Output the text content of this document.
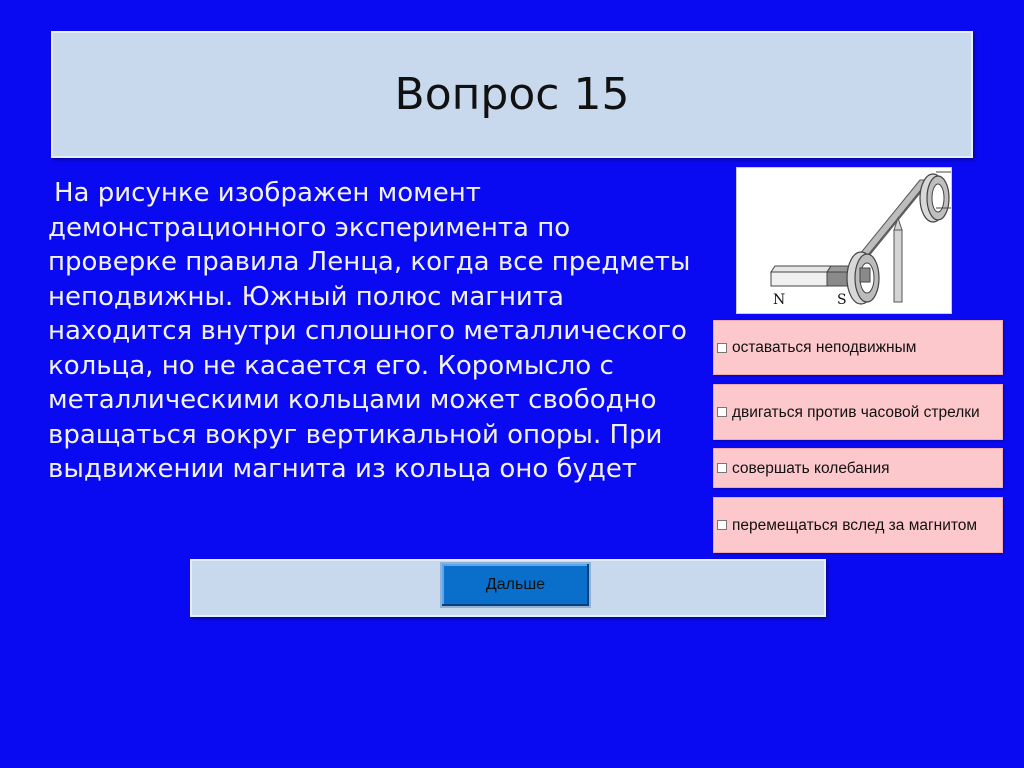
Вопрос 15

На рисунке изображен момент демонстрационного эксперимента по проверке правила Ленца, когда все предметы неподвижны. Южный полюс магнита находится внутри сплошного металлического кольца, но не касается его. Коромысло с металлическими кольцами может свободно вращаться вокруг вертикальной опоры. При выдвижении магнита из кольца оно будет

N	S
оставаться неподвижным
двигаться против часовой стрелки
совершать колебания
перемещаться вслед за магнитом
Дальше
